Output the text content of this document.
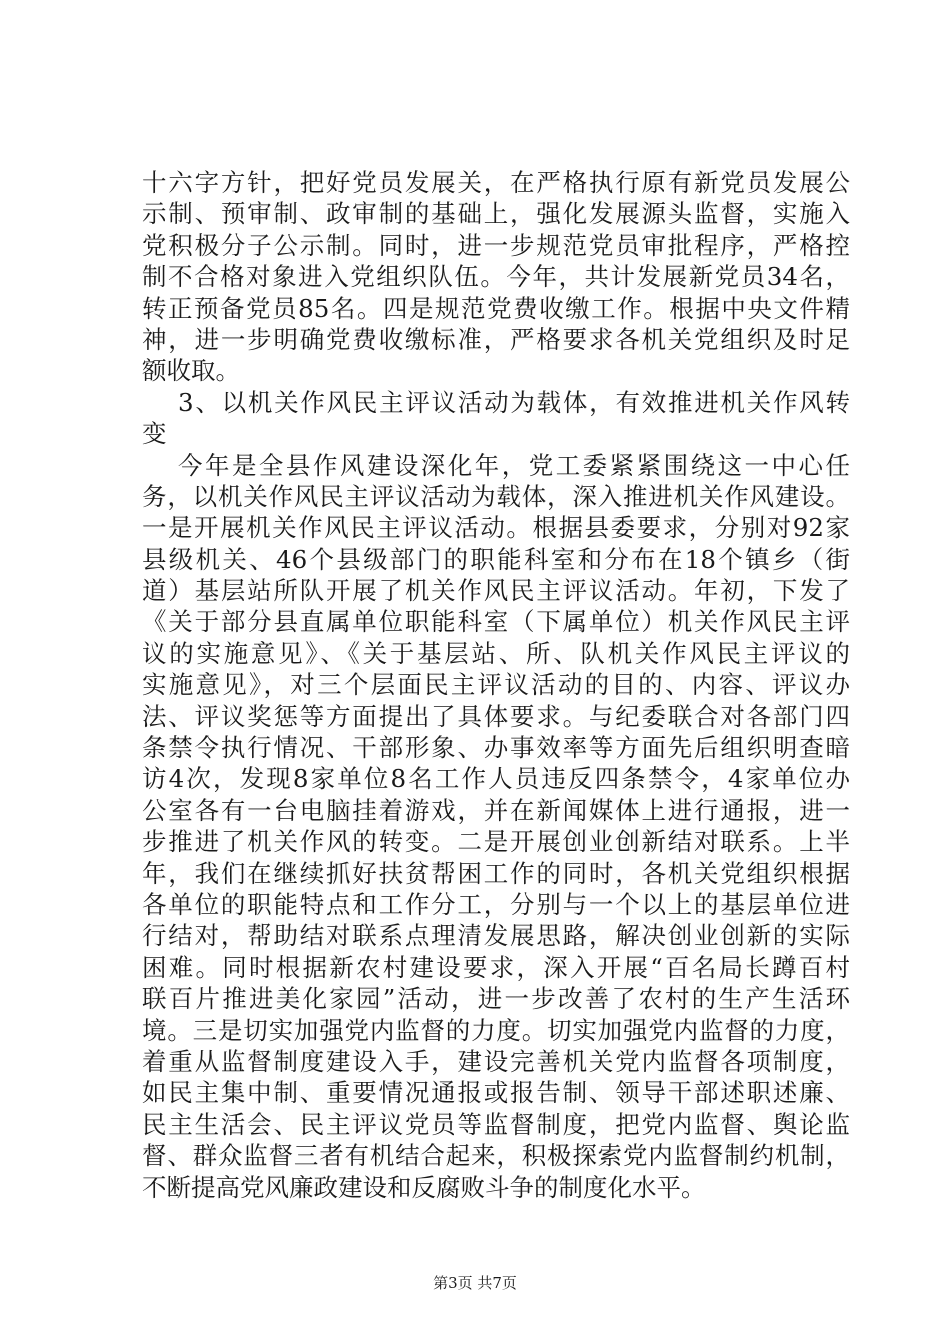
十六字方针，把好党员发展关，在严格执行原有新党员发展公
示制、预审制、政审制的基础上，强化发展源头监督，实施入
党积极分子公示制。同时，进一步规范党员审批程序，严格控
制不合格对象进入党组织队伍。今年，共计发展新党员34名，
转正预备党员85名。四是规范党费收缴工作。根据中央文件精
神，进一步明确党费收缴标准，严格要求各机关党组织及时足
额收取。
3、以机关作风民主评议活动为载体，有效推进机关作风转
变
今年是全县作风建设深化年，党工委紧紧围绕这一中心任
务，以机关作风民主评议活动为载体，深入推进机关作风建设。
一是开展机关作风民主评议活动。根据县委要求，分别对92家
县级机关、46个县级部门的职能科室和分布在18个镇乡（街
道）基层站所队开展了机关作风民主评议活动。年初，下发了
《关于部分县直属单位职能科室（下属单位）机关作风民主评
议的实施意见》、《关于基层站、所、队机关作风民主评议的
实施意见》，对三个层面民主评议活动的目的、内容、评议办
法、评议奖惩等方面提出了具体要求。与纪委联合对各部门四
条禁令执行情况、干部形象、办事效率等方面先后组织明查暗
访4次，发现8家单位8名工作人员违反四条禁令，4家单位办
公室各有一台电脑挂着游戏，并在新闻媒体上进行通报，进一
步推进了机关作风的转变。二是开展创业创新结对联系。上半
年，我们在继续抓好扶贫帮困工作的同时，各机关党组织根据
各单位的职能特点和工作分工，分别与一个以上的基层单位进
行结对，帮助结对联系点理清发展思路，解决创业创新的实际
困难。同时根据新农村建设要求，深入开展“百名局长蹲百村
联百片推进美化家园”活动，进一步改善了农村的生产生活环
境。三是切实加强党内监督的力度。切实加强党内监督的力度，
着重从监督制度建设入手，建设完善机关党内监督各项制度，
如民主集中制、重要情况通报或报告制、领导干部述职述廉、
民主生活会、民主评议党员等监督制度，把党内监督、舆论监
督、群众监督三者有机结合起来，积极探索党内监督制约机制，
不断提高党风廉政建设和反腐败斗争的制度化水平。
第3页 共7页
